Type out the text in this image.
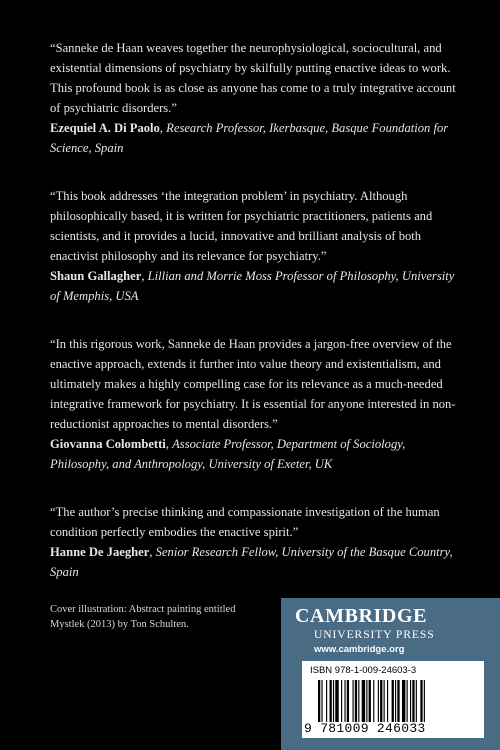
“Sanneke de Haan weaves together the neurophysiological, sociocultural, and existential dimensions of psychiatry by skilfully putting enactive ideas to work. This profound book is as close as anyone has come to a truly integrative account of psychiatric disorders.”

Ezequiel A. Di Paolo, Research Professor, Ikerbasque, Basque Foundation for Science, Spain

“This book addresses ‘the integration problem’ in psychiatry. Although philosophically based, it is written for psychiatric practitioners, patients and scientists, and it provides a lucid, innovative and brilliant analysis of both enactivist philosophy and its relevance for psychiatry.”

Shaun Gallagher, Lillian and Morrie Moss Professor of Philosophy, University of Memphis, USA

“In this rigorous work, Sanneke de Haan provides a jargon-free overview of the enactive approach, extends it further into value theory and existentialism, and ultimately makes a highly compelling case for its relevance as a much-needed integrative framework for psychiatry. It is essential for anyone interested in non-reductionist approaches to mental disorders.”

Giovanna Colombetti, Associate Professor, Department of Sociology, Philosophy, and Anthropology, University of Exeter, UK

“The author’s precise thinking and compassionate investigation of the human condition perfectly embodies the enactive spirit.”

Hanne De Jaegher, Senior Research Fellow, University of the Basque Country, Spain

Cover illustration: Abstract painting entitled Mystlek (2013) by Ton Schulten.	CAMBRIDGE
UNIVERSITY PRESS
www.cambridge.org
ISBN 978-1-009-24603-3
9 781009 246033
